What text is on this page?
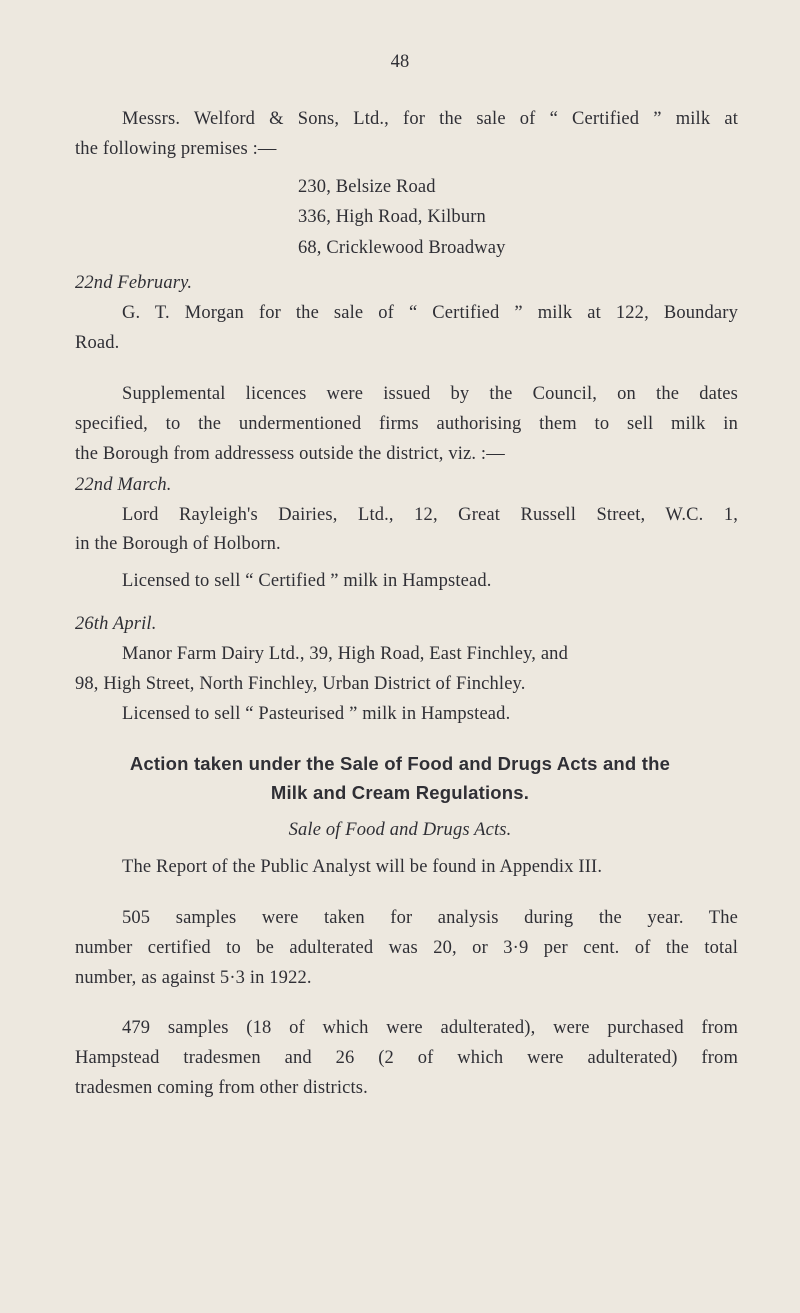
48
Messrs. Welford & Sons, Ltd., for the sale of “ Certified ” milk at
the following premises :—
230, Belsize Road
336, High Road, Kilburn
68, Cricklewood Broadway
22nd February.
G. T. Morgan for the sale of “ Certified ” milk at 122, Boundary
Road.
Supplemental licences were issued by the Council, on the dates
specified, to the undermentioned firms authorising them to sell milk in
the Borough from addressess outside the district, viz. :—
22nd March.
Lord Rayleigh's Dairies, Ltd., 12, Great Russell Street, W.C. 1,
in the Borough of Holborn.
Licensed to sell “ Certified ” milk in Hampstead.
26th April.
Manor Farm Dairy Ltd., 39, High Road, East Finchley, and
98, High Street, North Finchley, Urban District of Finchley.
Licensed to sell “ Pasteurised ” milk in Hampstead.
Action taken under the Sale of Food and Drugs Acts and the
Milk and Cream Regulations.
Sale of Food and Drugs Acts.
The Report of the Public Analyst will be found in Appendix III.
505 samples were taken for analysis during the year. The
number certified to be adulterated was 20, or 3·9 per cent. of the total
number, as against 5·3 in 1922.
479 samples (18 of which were adulterated), were purchased from
Hampstead tradesmen and 26 (2 of which were adulterated) from
tradesmen coming from other districts.
